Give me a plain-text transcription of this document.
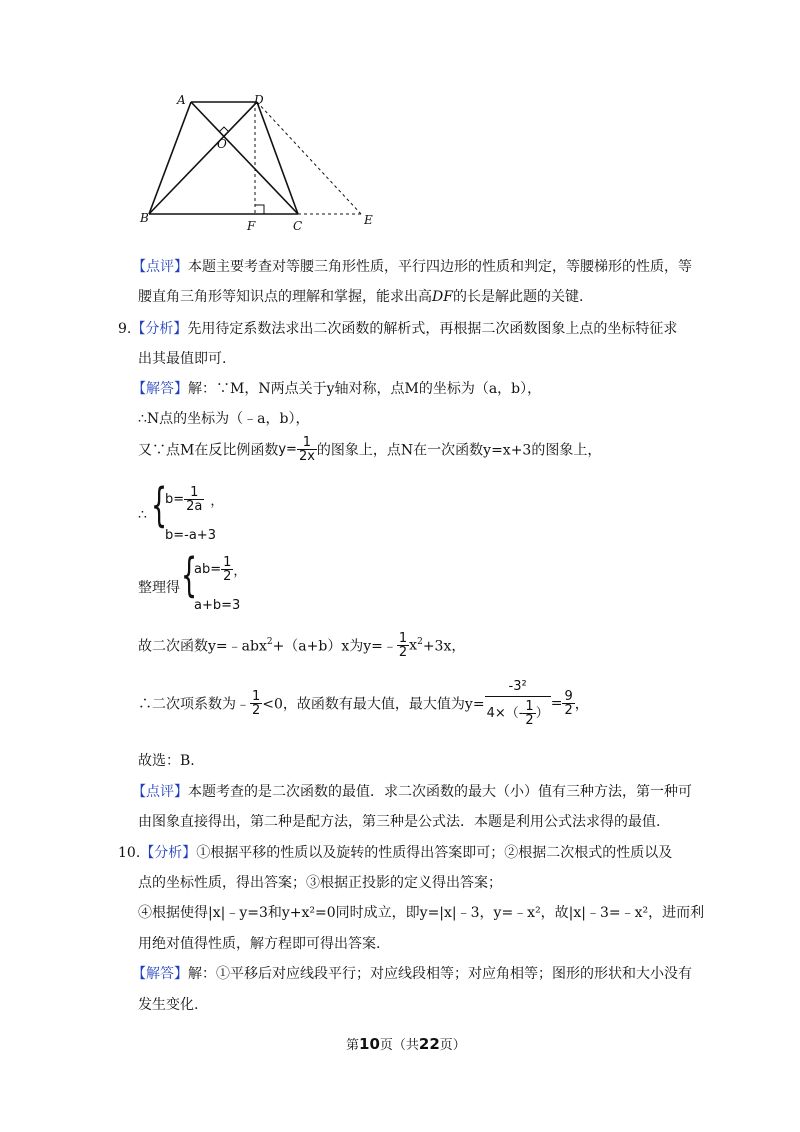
A	D
O
B
F	C	E
【点评】本题主要考查对等腰三角形性质，平行四边形的性质和判定，等腰梯形的性质，等
腰直角三角形等知识点的理解和掌握，能求出高DF的长是解此题的关键.
9.【分析】先用待定系数法求出二次函数的解析式，再根据二次函数图象上点的坐标特征求
出其最值即可.
【解答】解：∵M，N两点关于y轴对称，点M的坐标为（a，b），
∴N点的坐标为（﹣a，b），
又∵点M在反比例函数$y= \frac{1}{2x}$ 的图象上，点N在一次函数y=x+3的图象上，
∴ {
$b= \frac{1}{2a}$ ，
b=-a+3
整理得 {
$ab= \frac{1}{2}$ ，
a+b=3
故二次函数y=﹣abx$^2$+（a+b）x为y=﹣ $\frac{1}{2} x^2+3x$，
∴二次项系数为﹣ $\frac{1}{2} <0$，故函数有最大值，最大值为$y= \frac{\text{-3²}}{4\times(- \frac{1}{2} )} = \frac{9}{2}$ ，
故选：B.
【点评】本题考查的是二次函数的最值．求二次函数的最大（小）值有三种方法，第一种可
由图象直接得出，第二种是配方法，第三种是公式法．本题是利用公式法求得的最值.
10.【分析】①根据平移的性质以及旋转的性质得出答案即可；②根据二次根式的性质以及
点的坐标性质，得出答案；③根据正投影的定义得出答案；
④根据使得|x|﹣y=3和y+x²=0同时成立，即y=|x|﹣3，y=﹣x²，故|x|﹣3=﹣x²，进而利
用绝对值得性质，解方程即可得出答案.
【解答】解：①平移后对应线段平行；对应线段相等；对应角相等；图形的形状和大小没有
发生变化.
第10页（共22页）
